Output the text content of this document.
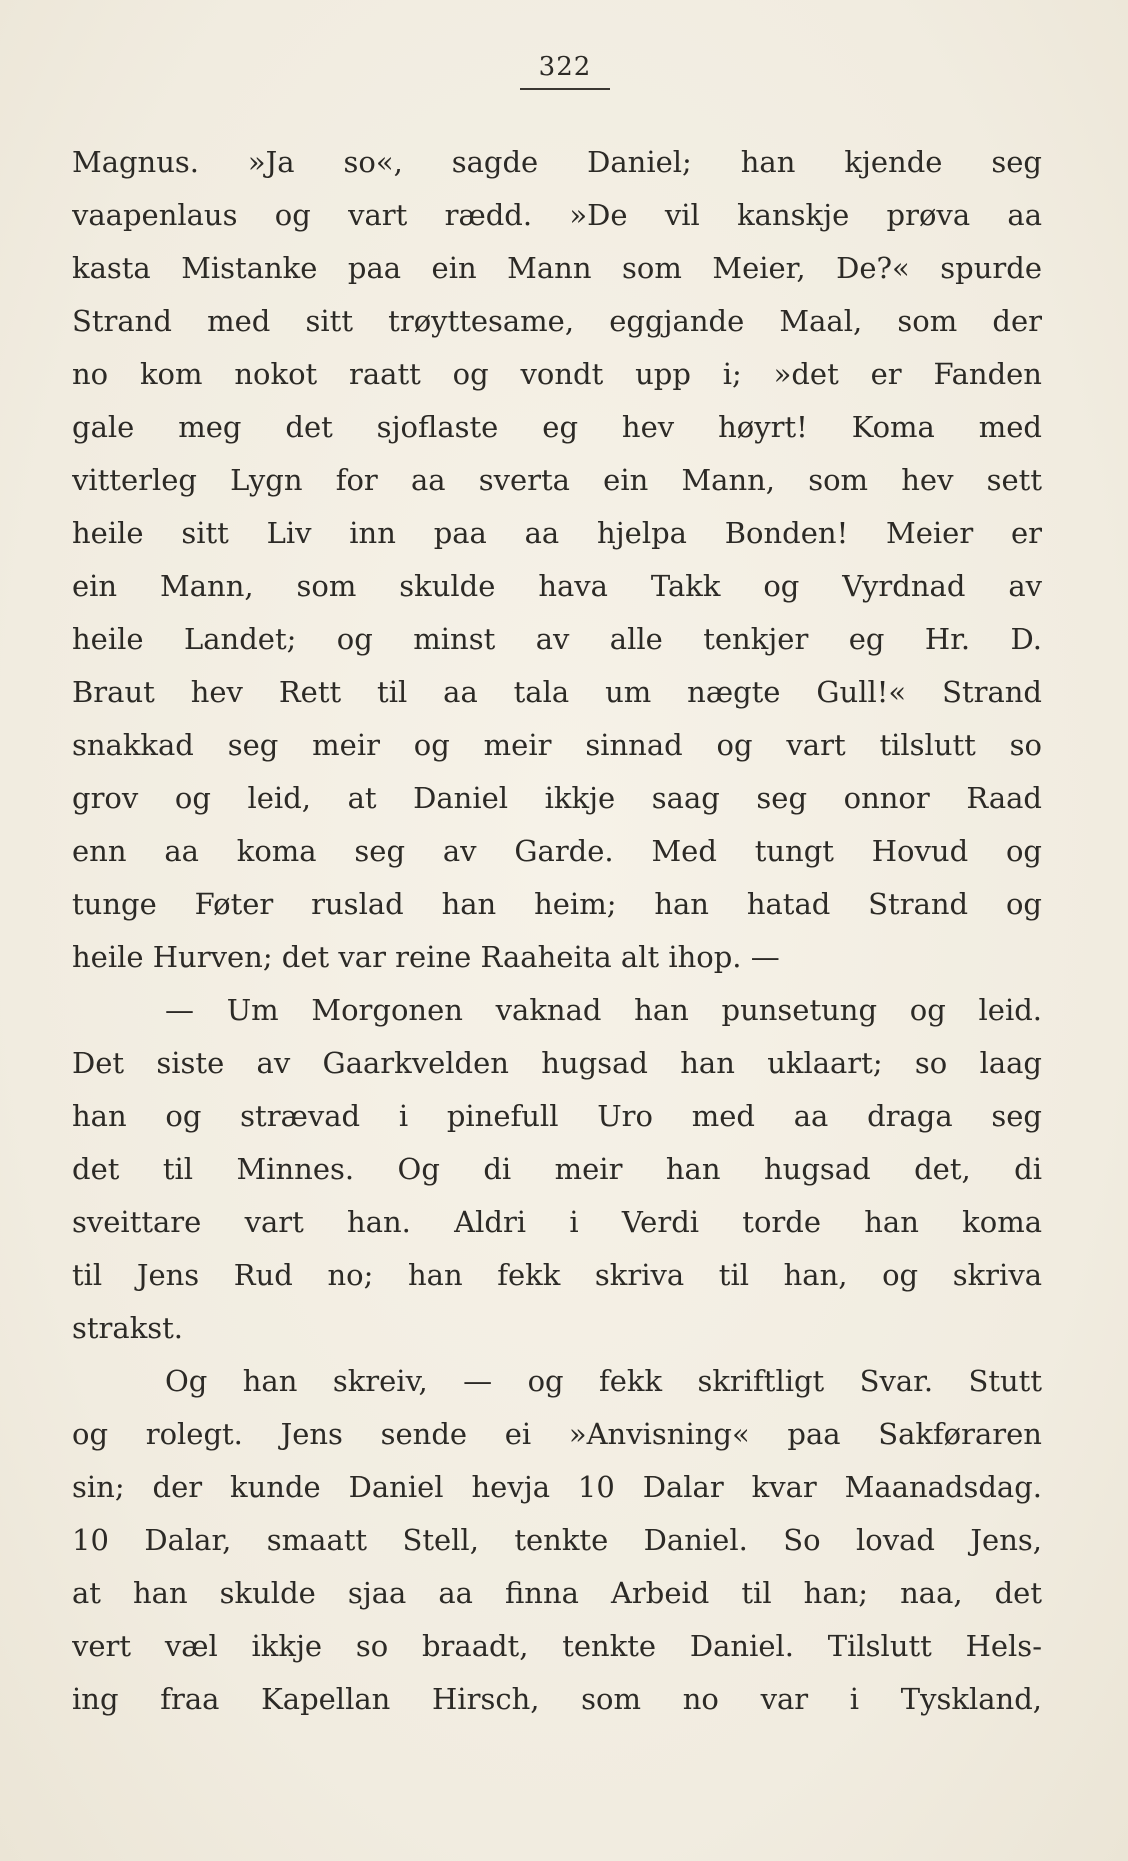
322
Magnus. »Ja so«, sagde Daniel; han kjende seg
vaapenlaus og vart rædd. »De vil kanskje prøva aa
kasta Mistanke paa ein Mann som Meier, De?« spurde
Strand med sitt trøyttesame, eggjande Maal, som der
no kom nokot raatt og vondt upp i; »det er Fanden
gale meg det sjoflaste eg hev høyrt! Koma med
vitterleg Lygn for aa sverta ein Mann, som hev sett
heile sitt Liv inn paa aa hjelpa Bonden! Meier er
ein Mann, som skulde hava Takk og Vyrdnad av
heile Landet; og minst av alle tenkjer eg Hr. D.
Braut hev Rett til aa tala um nægte Gull!« Strand
snakkad seg meir og meir sinnad og vart tilslutt so
grov og leid, at Daniel ikkje saag seg onnor Raad
enn aa koma seg av Garde. Med tungt Hovud og
tunge Føter ruslad han heim; han hatad Strand og
heile Hurven; det var reine Raaheita alt ihop. —
— Um Morgonen vaknad han punsetung og leid.
Det siste av Gaarkvelden hugsad han uklaart; so laag
han og strævad i pinefull Uro med aa draga seg
det til Minnes. Og di meir han hugsad det, di
sveittare vart han. Aldri i Verdi torde han koma
til Jens Rud no; han fekk skriva til han, og skriva
strakst.
Og han skreiv, — og fekk skriftligt Svar. Stutt
og rolegt. Jens sende ei »Anvisning« paa Sakføraren
sin; der kunde Daniel hevja 10 Dalar kvar Maanadsdag.
10 Dalar, smaatt Stell, tenkte Daniel. So lovad Jens,
at han skulde sjaa aa finna Arbeid til han; naa, det
vert væl ikkje so braadt, tenkte Daniel. Tilslutt Hels-
ing fraa Kapellan Hirsch, som no var i Tyskland,
